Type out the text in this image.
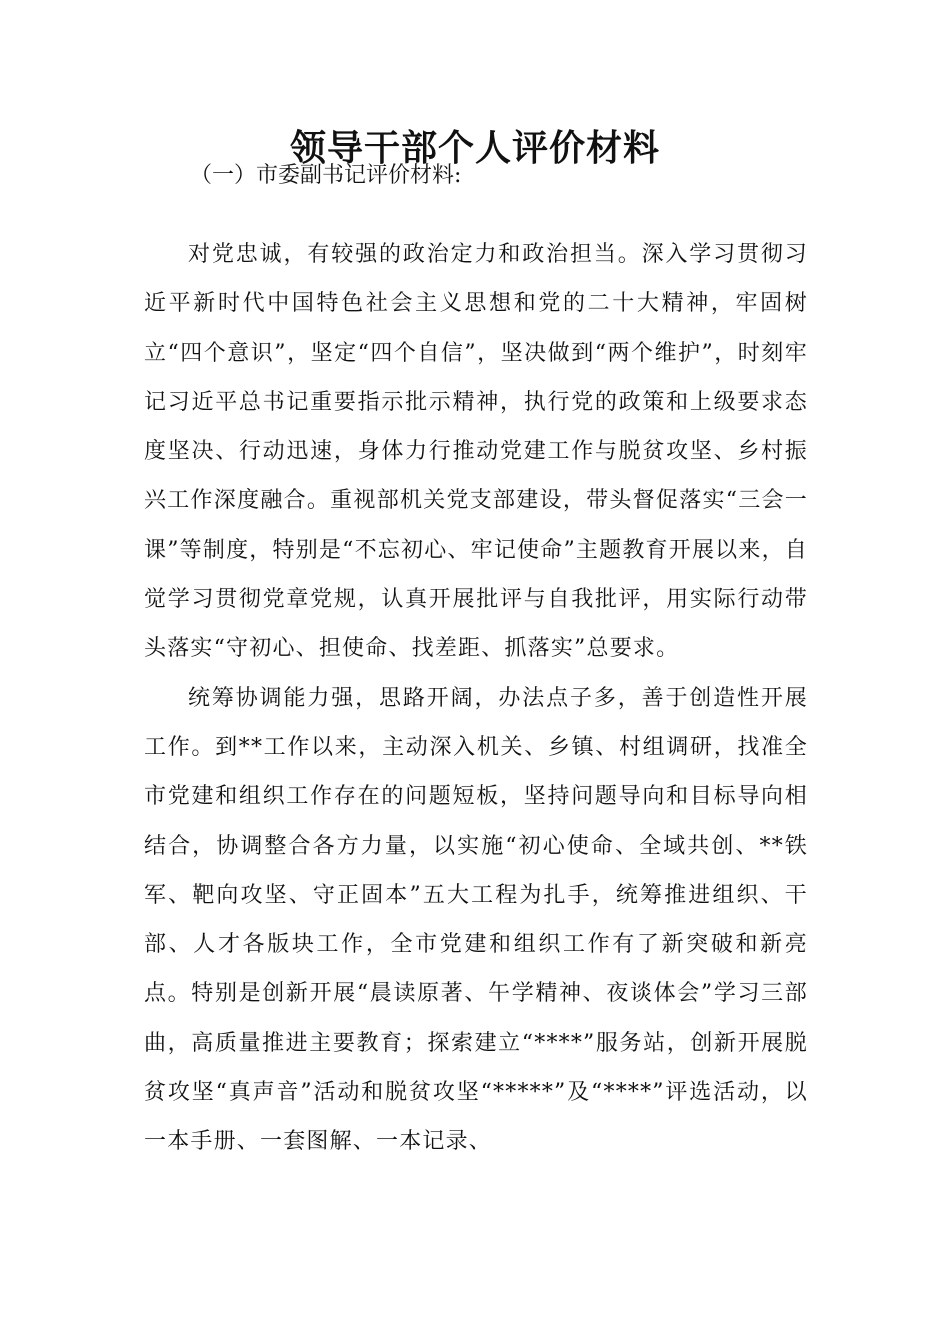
领导干部个人评价材料
（一）市委副书记评价材料:

对党忠诚，有较强的政治定力和政治担当。深入学习贯彻习近平新时代中国特色社会主义思想和党的二十大精神，牢固树立“四个意识”，坚定“四个自信”，坚决做到“两个维护”，时刻牢记习近平总书记重要指示批示精神，执行党的政策和上级要求态度坚决、行动迅速，身体力行推动党建工作与脱贫攻坚、乡村振兴工作深度融合。重视部机关党支部建设，带头督促落实“三会一课”等制度，特别是“不忘初心、牢记使命”主题教育开展以来，自觉学习贯彻党章党规，认真开展批评与自我批评，用实际行动带头落实“守初心、担使命、找差距、抓落实”总要求。

统筹协调能力强，思路开阔，办法点子多，善于创造性开展工作。到**工作以来，主动深入机关、乡镇、村组调研，找准全市党建和组织工作存在的问题短板，坚持问题导向和目标导向相结合，协调整合各方力量，以实施“初心使命、全域共创、**铁军、靶向攻坚、守正固本”五大工程为扎手，统筹推进组织、干部、人才各版块工作，全市党建和组织工作有了新突破和新亮点。特别是创新开展“晨读原著、午学精神、夜谈体会”学习三部曲，高质量推进主要教育；探索建立“****”服务站，创新开展脱贫攻坚“真声音”活动和脱贫攻坚“*****”及“****”评选活动，以一本手册、一套图解、一本记录、
